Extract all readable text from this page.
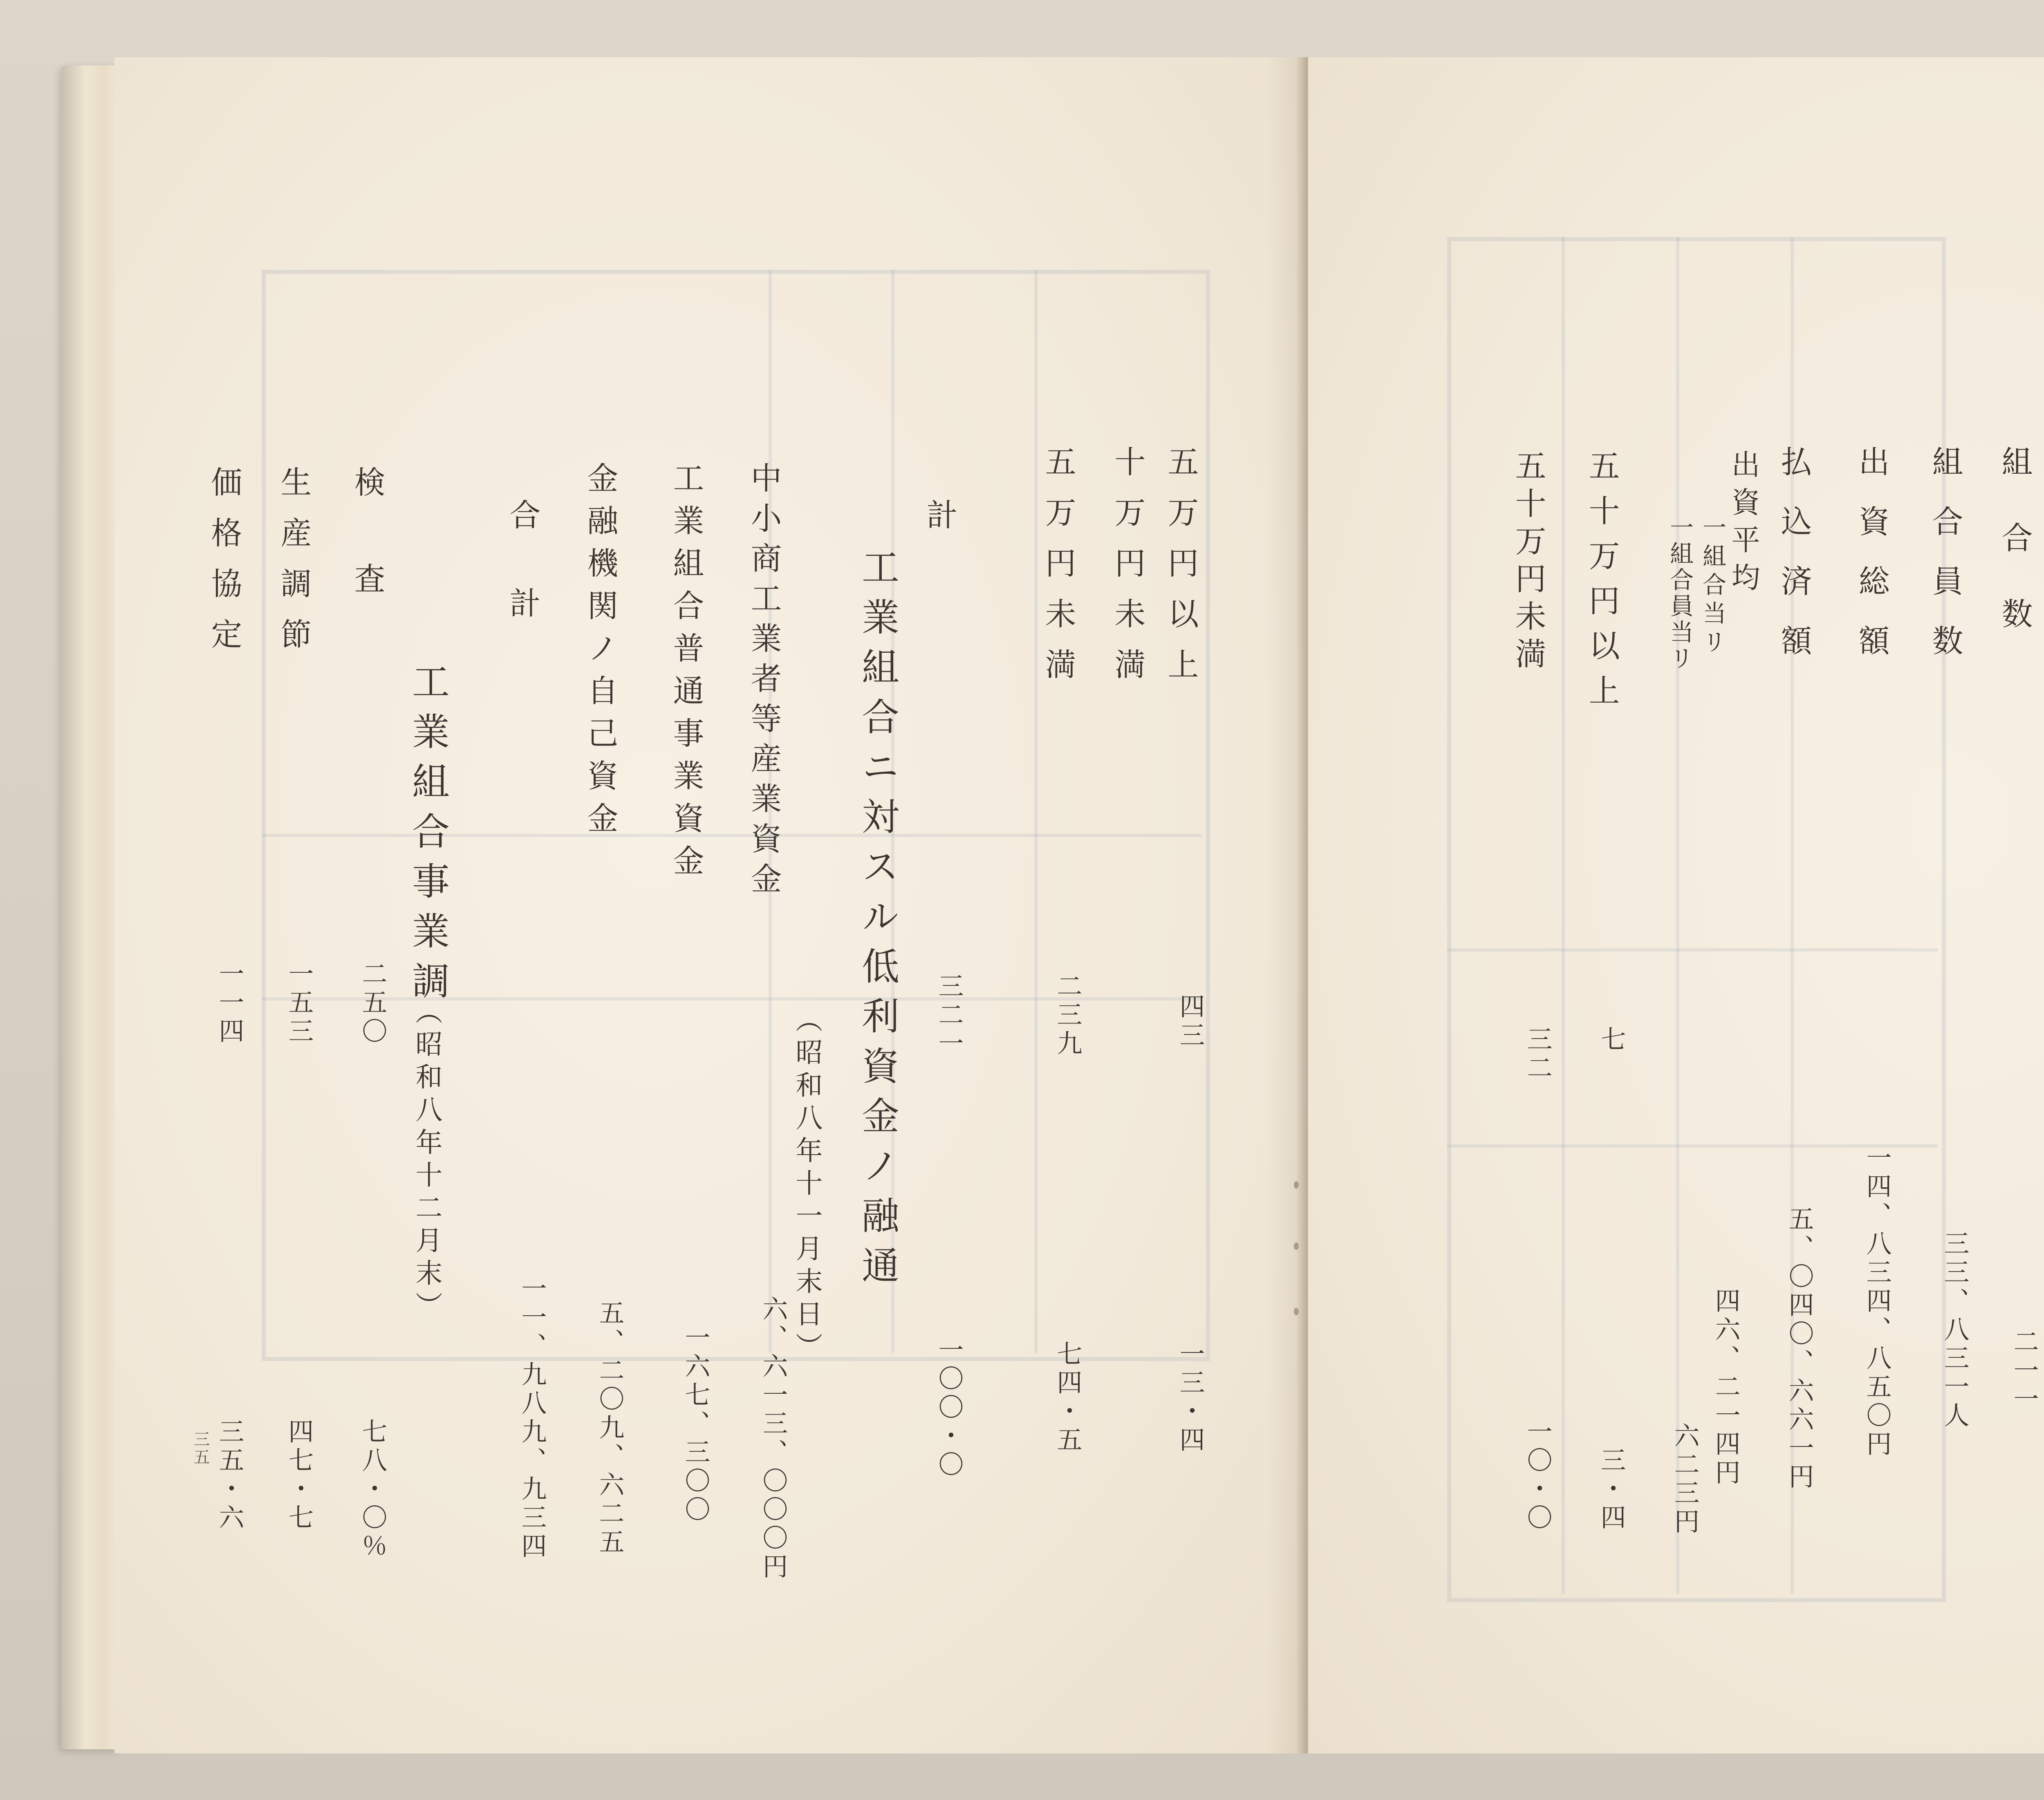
五万円以上
十万円未満
五万円未満
計
四三
一三・四
二三九
七四・五
三二一
一〇〇・〇
工業組合ニ対スル低利資金ノ融通
（昭和八年十一月末日）
中小商工業者等産業資金
工業組合普通事業資金
金融機関ノ自己資金
合計
六、六一三、〇〇〇円
一六七、三〇〇
五、二〇九、六二五
一一、九八九、九三四
工業組合事業調
（昭和八年十二月末）
検査
生産調節
価格協定
二五〇
七八・〇％
一五三
四七・七
一一四
三五・六
三五
組合数
組合員数
出資総額
払込済額
出資平均
一組合当リ
一組合員当リ
五十万円以上
五十万円未満
二一一
三三、八三一人
一四、八三四、八五〇円
五、〇四〇、六六一円
四六、二一四円
六二三円
七
三・四
三二
一〇・〇
